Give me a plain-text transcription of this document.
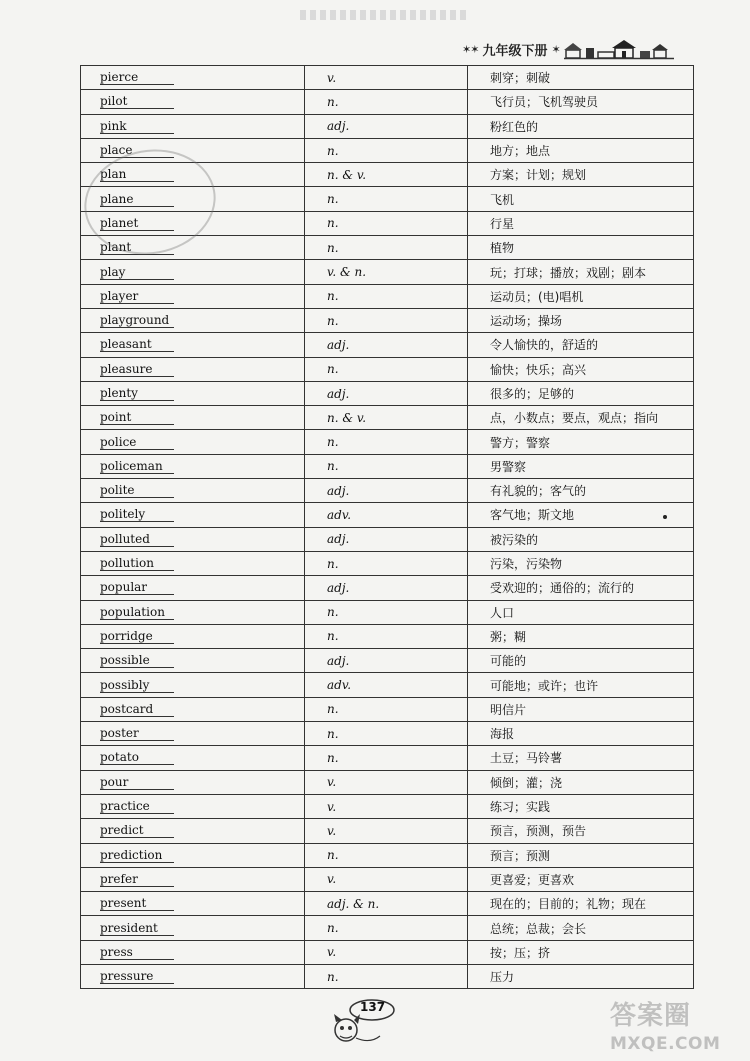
✶✶ 九年级下册 ✶
pierce	v.	刺穿；刺破
pilot	n.	飞行员；飞机驾驶员
pink	adj.	粉红色的
place	n.	地方；地点
plan	n. & v.	方案；计划；规划
plane	n.	飞机
planet	n.	行星
plant	n.	植物
play	v. & n.	玩；打球；播放；戏剧；剧本
player	n.	运动员；(电)唱机
playground	n.	运动场；操场
pleasant	adj.	令人愉快的，舒适的
pleasure	n.	愉快；快乐；高兴
plenty	adj.	很多的；足够的
point	n. & v.	点，小数点；要点，观点；指向
police	n.	警方；警察
policeman	n.	男警察
polite	adj.	有礼貌的；客气的
politely	adv.	客气地；斯文地
polluted	adj.	被污染的
pollution	n.	污染，污染物
popular	adj.	受欢迎的；通俗的；流行的
population	n.	人口
porridge	n.	粥；糊
possible	adj.	可能的
possibly	adv.	可能地；或许；也许
postcard	n.	明信片
poster	n.	海报
potato	n.	土豆；马铃薯
pour	v.	倾倒；灌；浇
practice	v.	练习；实践
predict	v.	预言，预测，预告
prediction	n.	预言；预测
prefer	v.	更喜爱；更喜欢
present	adj. & n.	现在的；目前的；礼物；现在
president	n.	总统；总裁；会长
press	v.	按；压；挤
pressure	n.	压力
137	答案圈
MXQE.COM
